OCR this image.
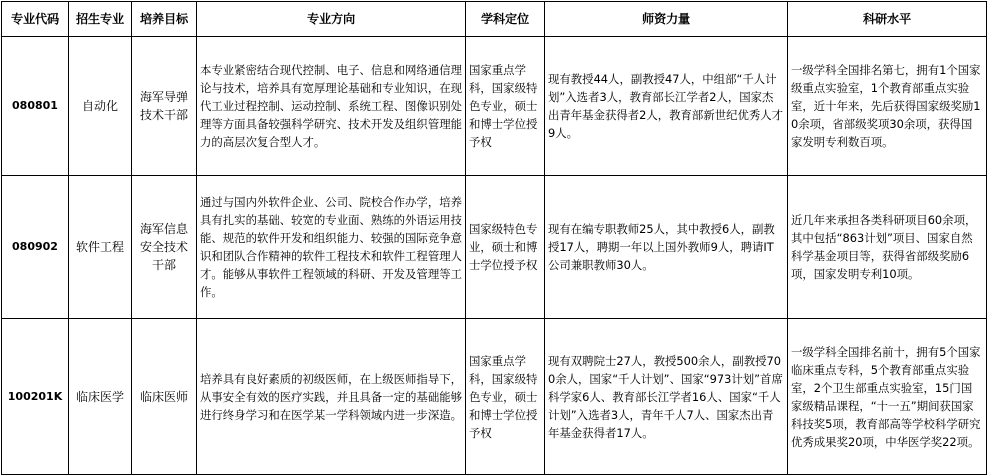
专业代码	招生专业	培养目标	专业方向	学科定位	师资力量	科研水平
080801	自动化	海军导弹技术干部	本专业紧密结合现代控制、电子、信息和网络通信理论与技术，培养具有宽厚理论基础和专业知识，在现代工业过程控制、运动控制、系统工程、图像识别处理等方面具备较强科学研究、技术开发及组织管理能力的高层次复合型人才。	国家重点学科，国家级特色专业，硕士和博士学位授予权	现有教授44人，副教授47人，中组部“千人计划”入选者3人，教育部长江学者2人，国家杰出青年基金获得者2人，教育部新世纪优秀人才9人。	一级学科全国排名第七，拥有1个国家级重点实验室，1个教育部重点实验室，近十年来，先后获得国家级奖励10余项，省部级奖项30余项，获得国家发明专利数百项。
080902	软件工程	海军信息安全技术干部	通过与国内外软件企业、公司、院校合作办学，培养具有扎实的基础、较宽的专业面、熟练的外语运用技能、规范的软件开发和组织能力、较强的国际竞争意识和团队合作精神的软件工程技术和软件工程管理人才。能够从事软件工程领域的科研、开发及管理等工作。	国家级特色专业，硕士和博士学位授予权	现有在编专职教师25人，其中教授6人，副教授17人，聘期一年以上国外教师9人，聘请IT公司兼职教师30人。	近几年来承担各类科研项目60余项，其中包括“863计划”项目、国家自然科学基金项目等，获得省部级奖励6项，国家发明专利10项。
100201K	临床医学	临床医师	培养具有良好素质的初级医师，在上级医师指导下，从事安全有效的医疗实践，并且具备一定的基础能够进行终身学习和在医学某一学科领域内进一步深造。	国家重点学科，国家级特色专业，硕士和博士学位授予权	现有双聘院士27人，教授500余人，副教授700余人，国家“千人计划”、国家“973计划”首席科学家6人、教育部长江学者16人、国家“千人计划”入选者3人，青年千人7人、国家杰出青年基金获得者17人。	一级学科全国排名前十，拥有5个国家临床重点专科，5个教育部重点实验室，2个卫生部重点实验室，15门国家级精品课程，“十一五”期间获国家科技奖5项，教育部高等学校科学研究优秀成果奖20项，中华医学奖22项。
